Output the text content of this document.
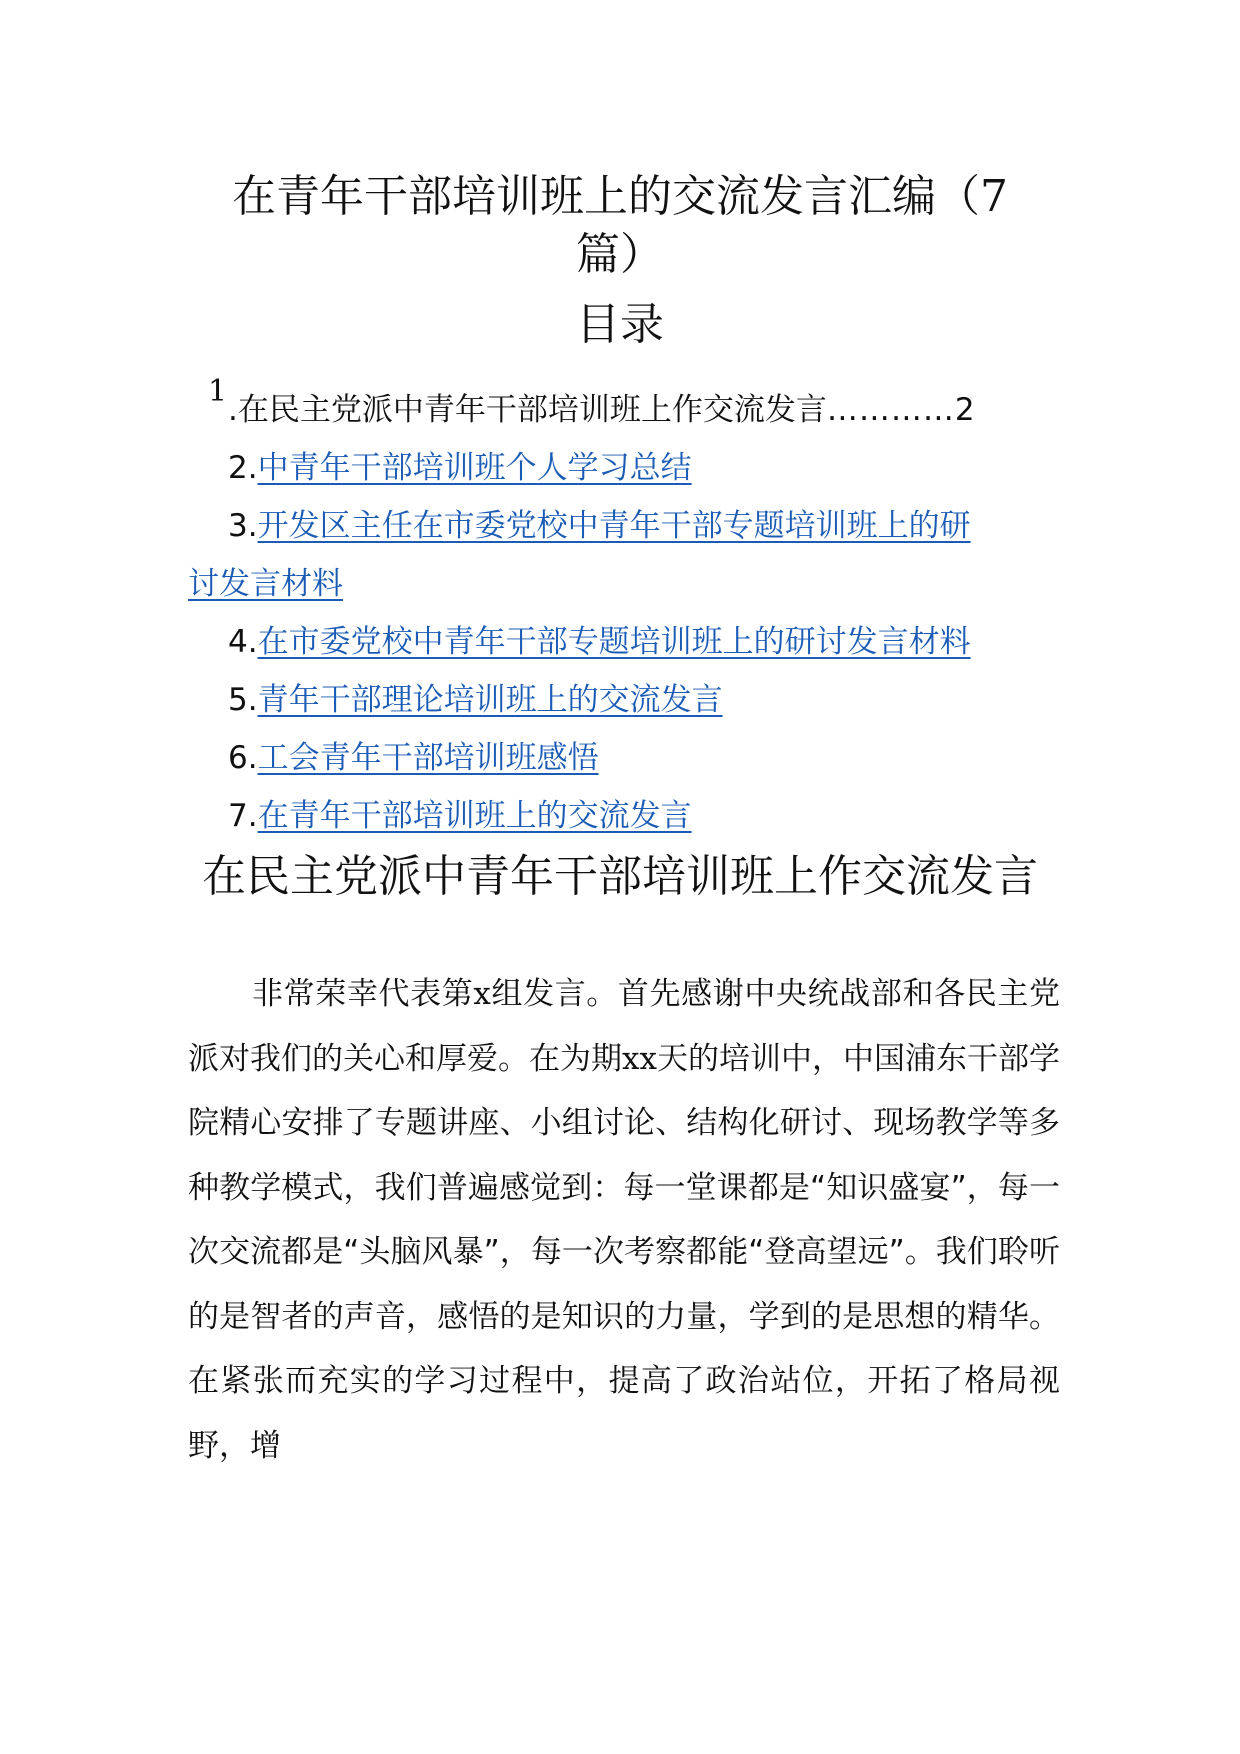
在青年干部培训班上的交流发言汇编（7
篇）
目录
1
.在民主党派中青年干部培训班上作交流发言…………2
2.中青年干部培训班个人学习总结
3.开发区主任在市委党校中青年干部专题培训班上的研
讨发言材料
4.在市委党校中青年干部专题培训班上的研讨发言材料
5.青年干部理论培训班上的交流发言
6.工会青年干部培训班感悟
7.在青年干部培训班上的交流发言
在民主党派中青年干部培训班上作交流发言
非常荣幸代表第x组发言。首先感谢中央统战部和各民主党派对我们的关心和厚爱。在为期xx天的培训中，中国浦东干部学院精心安排了专题讲座、小组讨论、结构化研讨、现场教学等多种教学模式，我们普遍感觉到：每一堂课都是“知识盛宴”，每一次交流都是“头脑风暴”，每一次考察都能“登高望远”。我们聆听的是智者的声音，感悟的是知识的力量，学到的是思想的精华。在紧张而充实的学习过程中，提高了政治站位，开拓了格局视野，增
